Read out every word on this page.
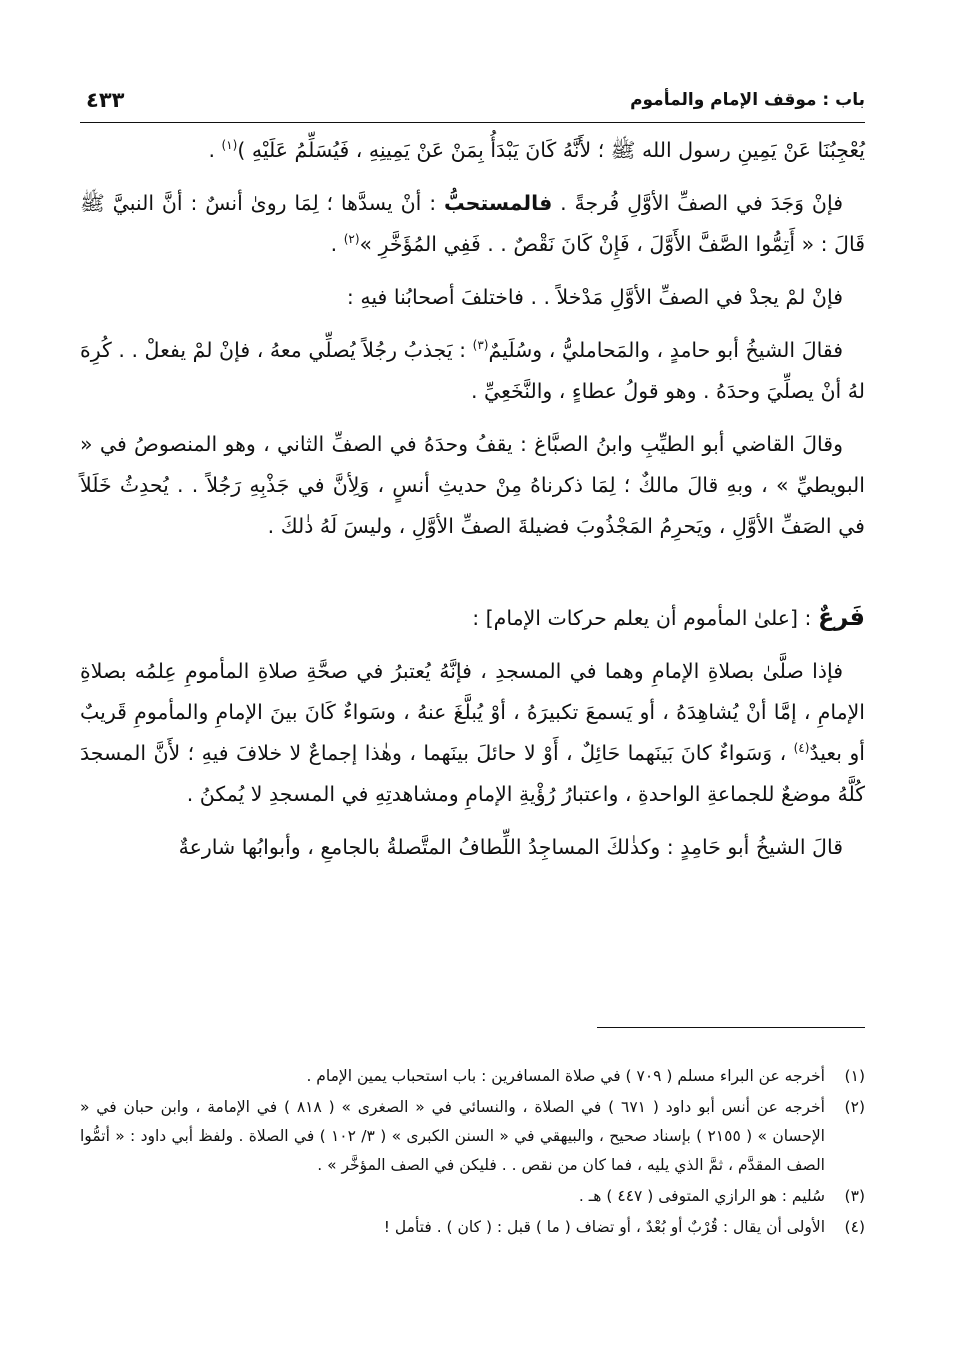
باب : موقف الإمام والمأموم
٤٣٣

يُعْجِبُنَا عَنْ يَمِينِ رسول الله ﷺ ؛ لأَنَّهُ كَانَ يَبْدَأُ بِمَنْ عَنْ يَمِينِهِ ، فَيُسَلِّمُ عَلَيْهِ )$^{(١)}$ .

فإنْ وَجَدَ في الصفِّ الأوَّلِ فُرجةً . فالمستحبُّ : أنْ يسدَّها ؛ لِمَا روىٰ أنسٌ : أنَّ النبيَّ ﷺ قَالَ : « أَتِمُّوا الصَّفَّ الأَوَّلَ ، فَإِنْ كَانَ نَقْصٌ . . فَفِي المُؤَخَّرِ »$^{(٢)}$ .

فإنْ لمْ يجدْ في الصفِّ الأوَّلِ مَدْخلاً . . فاختلفَ أصحابُنا فيهِ :

فقالَ الشيخُ أبو حامدٍ ، والمَحامليُّ ، وسُلَيمٌ$^{(٣)}$ : يَجذبُ رجُلاً يُصلِّي معهُ ، فإنْ لمْ يفعلْ . . كُرِهَ لهُ أنْ يصلِّيَ وحدَهُ . وهو قولُ عطاءٍ ، والنَّخَعِيِّ .

وقالَ القاضي أبو الطيِّبِ وابنُ الصبَّاغ : يقفُ وحدَهُ في الصفِّ الثاني ، وهو المنصوصُ في « البويطيِّ » ، وبهِ قالَ مالكٌ ؛ لِمَا ذكرناهُ مِنْ حديثِ أنسٍ ، وَلِأنَّ في جَذْبِهِ رَجُلاً . . يُحدِثُ خَلَلاً في الصَفِّ الأوَّلِ ، ويَحرِمُ المَجْذُوبَ فضيلةَ الصفِّ الأوَّلِ ، وليسَ لَهُ ذٰلكَ .

فَرعٌ : [علىٰ المأموم أن يعلم حركات الإمام] :

فإذا صلَّىٰ بصلاةِ الإمامِ وهما في المسجدِ ، فإنَّهُ يُعتبرُ في صحَّةِ صلاةِ المأمومِ عِلمُه بصلاةِ الإمامِ ، إمَّا أنْ يُشاهِدَهُ ، أو يَسمعَ تكبيرَهُ ، أوْ يُبلَّغَ عنهُ ، وسَواءٌ كَانَ بينَ الإمامِ والمأمومِ قَريبٌ أو بعيدٌ$^{(٤)}$ ، وَسَواءٌ كانَ بَينَهما حَائِلٌ ، أَوْ لا حائلَ بينَهما ، وهٰذا إجماعٌ لا خلافَ فيهِ ؛ لأَنَّ المسجدَ كُلَّهُ موضعٌ للجماعةِ الواحدةِ ، واعتبارُ رُؤْيةِ الإمامِ ومشاهدتِهِ في المسجدِ لا يُمكنُ .

قالَ الشيخُ أبو حَامِدٍ : وكذٰلكَ المساجِدُ اللِّطافُ المتَّصلةُ بالجامعِ ، وأبوابُها شارعةٌ

(١)
أخرجه عن البراء مسلم ( ٧٠٩ ) في صلاة المسافرين : باب استحباب يمين الإمام .
(٢)
أخرجه عن أنس أبو داود ( ٦٧١ ) في الصلاة ، والنسائي في « الصغرى » ( ٨١٨ ) في الإمامة ، وابن حبان في « الإحسان » ( ٢١٥٥ ) بإسناد صحيح ، والبيهقي في « السنن الكبرى » ( ٣/ ١٠٢ ) في الصلاة . ولفظ أبي داود : « أتمُّوا الصف المقدَّم ، ثمَّ الذي يليه ، فما كان من نقص . . فليكن في الصف المؤخَّر » .
(٣)
سُليم : هو الرازي المتوفى ( ٤٤٧ ) هـ .
(٤)
الأولى أن يقال : قُرْبٌ أو بُعْدٌ ، أو تضاف ( ما ) قبل : ( كان ) . فتأمل !
